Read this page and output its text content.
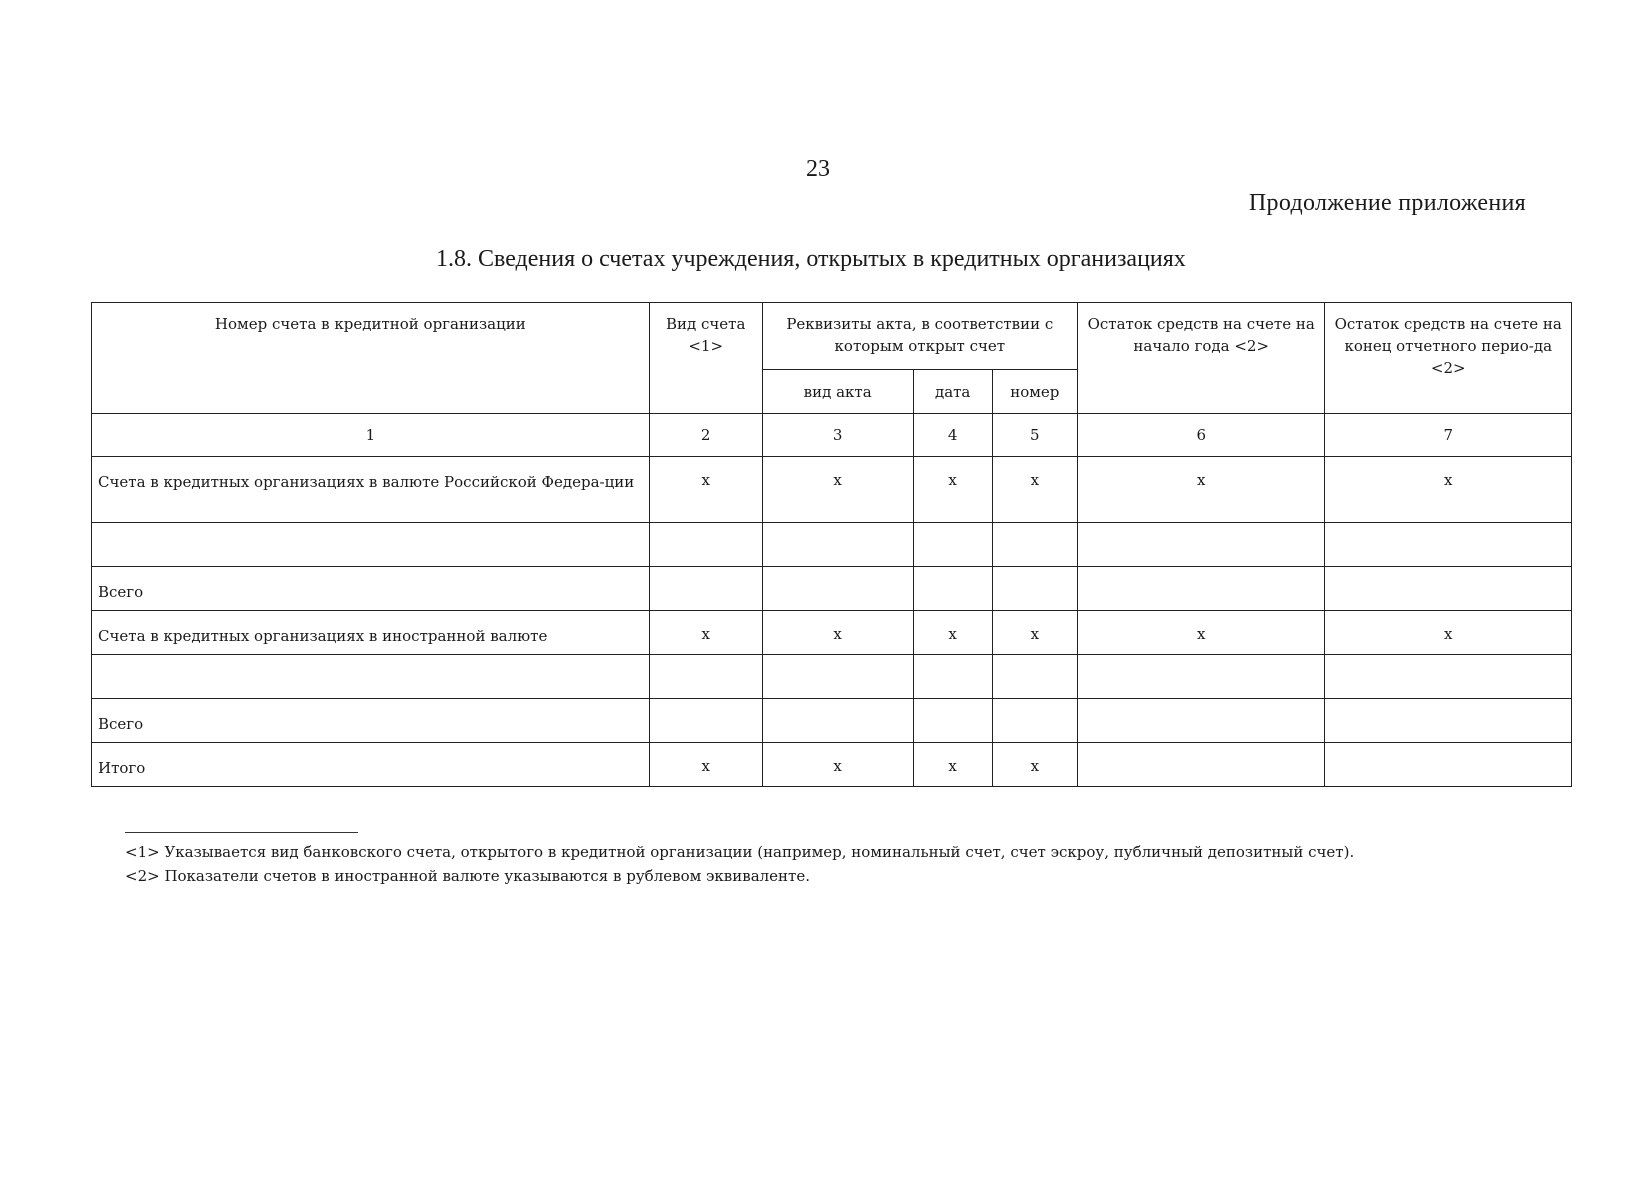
23
Продолжение приложения
1.8. Сведения о счетах учреждения, открытых в кредитных организациях
Номер счета в кредитной организации	Вид счета <1>	Реквизиты акта, в соответствии с которым открыт счет			Остаток средств на счете на начало года <2>	Остаток средств на счете на конец отчетного перио-да <2>
		вид акта	дата	номер		
1	2	3	4	5	6	7
Счета в кредитных организациях в валюте Российской Федера-ции	x	x	x	x	x	x

Всего						
Счета в кредитных организациях в иностранной валюте	x	x	x	x	x	x

Всего						
Итого	x	x	x	x		
<1> Указывается вид банковского счета, открытого в кредитной организации (например, номинальный счет, счет эскроу, публичный депозитный счет).
<2> Показатели счетов в иностранной валюте указываются в рублевом эквиваленте.
